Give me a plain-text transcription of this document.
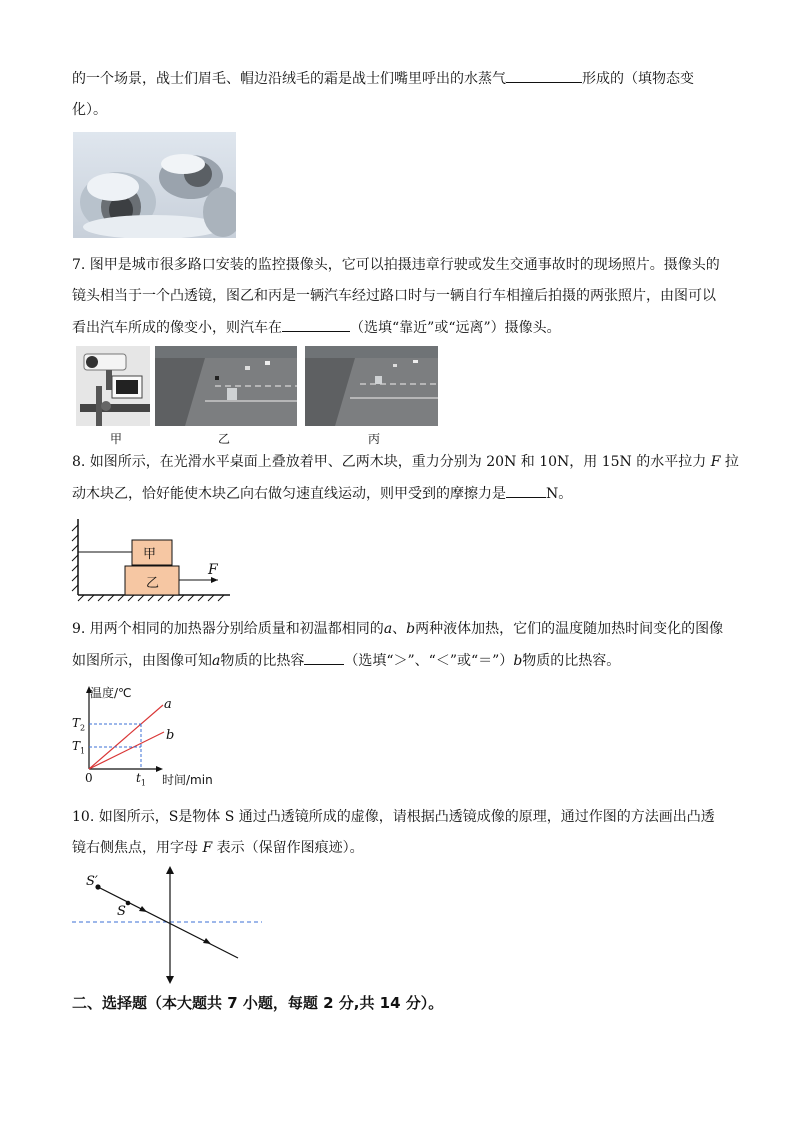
的一个场景，战士们眉毛、帽边沿绒毛的霜是战士们嘴里呼出的水蒸气	形成的（填物态变
化）。
7. 图甲是城市很多路口安装的监控摄像头，它可以拍摄违章行驶或发生交通事故时的现场照片。摄像头的
镜头相当于一个凸透镜，图乙和丙是一辆汽车经过路口时与一辆自行车相撞后拍摄的两张照片，由图可以
看出汽车所成的像变小，则汽车在	（选填“靠近”或“远离”）摄像头。
甲	乙	丙
8. 如图所示，在光滑水平桌面上叠放着甲、乙两木块，重力分别为 20N 和 10N，用 15N 的水平拉力 F 拉
动木块乙，恰好能使木块乙向右做匀速直线运动，则甲受到的摩擦力是	N。
甲
乙
F
9. 用两个相同的加热器分别给质量和初温都相同的a、b两种液体加热，它们的温度随加热时间变化的图像
如图所示，由图像可知a物质的比热容	（选填“＞”、“＜”或“＝”）b物质的比热容。
温度/℃
时间/min
0
$T_2$
$T_1$
$t_1$
a
b
10. 如图所示，S是物体 S 通过凸透镜所成的虚像，请根据凸透镜成像的原理，通过作图的方法画出凸透
镜右侧焦点，用字母 F 表示（保留作图痕迹）。
S′
S
二、选择题（本大题共 7 小题，每题 2 分,共 14 分）。
